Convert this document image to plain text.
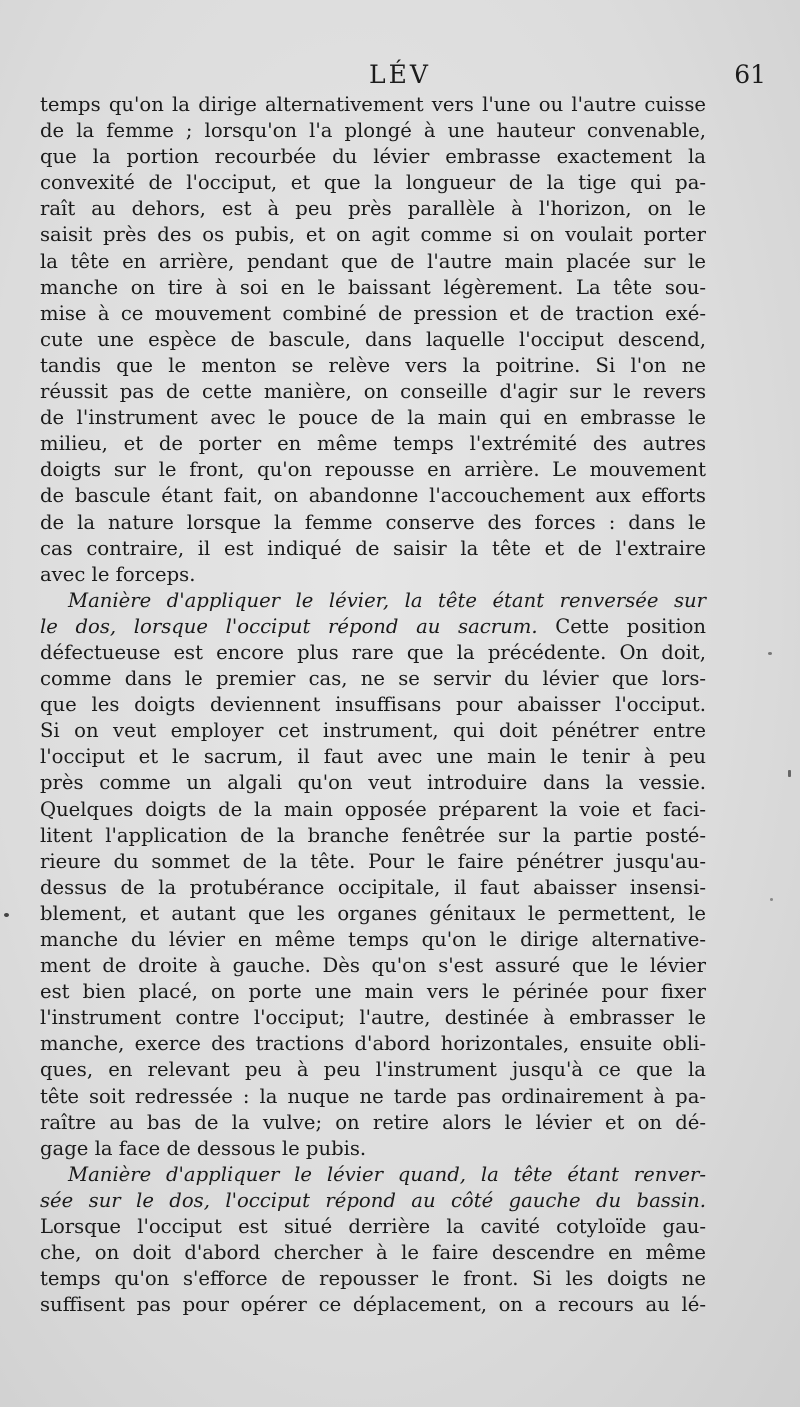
LÉV	61
temps qu'on la dirige alternativement vers l'une ou l'autre cuisse
de la femme ; lorsqu'on l'a plongé à une hauteur convenable,
que la portion recourbée du lévier embrasse exactement la
convexité de l'occiput, et que la longueur de la tige qui pa-
raît au dehors, est à peu près parallèle à l'horizon, on le
saisit près des os pubis, et on agit comme si on voulait porter
la tête en arrière, pendant que de l'autre main placée sur le
manche on tire à soi en le baissant légèrement. La tête sou-
mise à ce mouvement combiné de pression et de traction exé-
cute une espèce de bascule, dans laquelle l'occiput descend,
tandis que le menton se relève vers la poitrine. Si l'on ne
réussit pas de cette manière, on conseille d'agir sur le revers
de l'instrument avec le pouce de la main qui en embrasse le
milieu, et de porter en même temps l'extrémité des autres
doigts sur le front, qu'on repousse en arrière. Le mouvement
de bascule étant fait, on abandonne l'accouchement aux efforts
de la nature lorsque la femme conserve des forces : dans le
cas contraire, il est indiqué de saisir la tête et de l'extraire
avec le forceps.
Manière d'appliquer le lévier, la tête étant renversée sur
le dos, lorsque l'occiput répond au sacrum. Cette position
défectueuse est encore plus rare que la précédente. On doit,
comme dans le premier cas, ne se servir du lévier que lors-
que les doigts deviennent insuffisans pour abaisser l'occiput.
Si on veut employer cet instrument, qui doit pénétrer entre
l'occiput et le sacrum, il faut avec une main le tenir à peu
près comme un algali qu'on veut introduire dans la vessie.
Quelques doigts de la main opposée préparent la voie et faci-
litent l'application de la branche fenêtrée sur la partie posté-
rieure du sommet de la tête. Pour le faire pénétrer jusqu'au-
dessus de la protubérance occipitale, il faut abaisser insensi-
blement, et autant que les organes génitaux le permettent, le
manche du lévier en même temps qu'on le dirige alternative-
ment de droite à gauche. Dès qu'on s'est assuré que le lévier
est bien placé, on porte une main vers le périnée pour fixer
l'instrument contre l'occiput; l'autre, destinée à embrasser le
manche, exerce des tractions d'abord horizontales, ensuite obli-
ques, en relevant peu à peu l'instrument jusqu'à ce que la
tête soit redressée : la nuque ne tarde pas ordinairement à pa-
raître au bas de la vulve; on retire alors le lévier et on dé-
gage la face de dessous le pubis.
Manière d'appliquer le lévier quand, la tête étant renver-
sée sur le dos, l'occiput répond au côté gauche du bassin.
Lorsque l'occiput est situé derrière la cavité cotyloïde gau-
che, on doit d'abord chercher à le faire descendre en même
temps qu'on s'efforce de repousser le front. Si les doigts ne
suffisent pas pour opérer ce déplacement, on a recours au lé-
